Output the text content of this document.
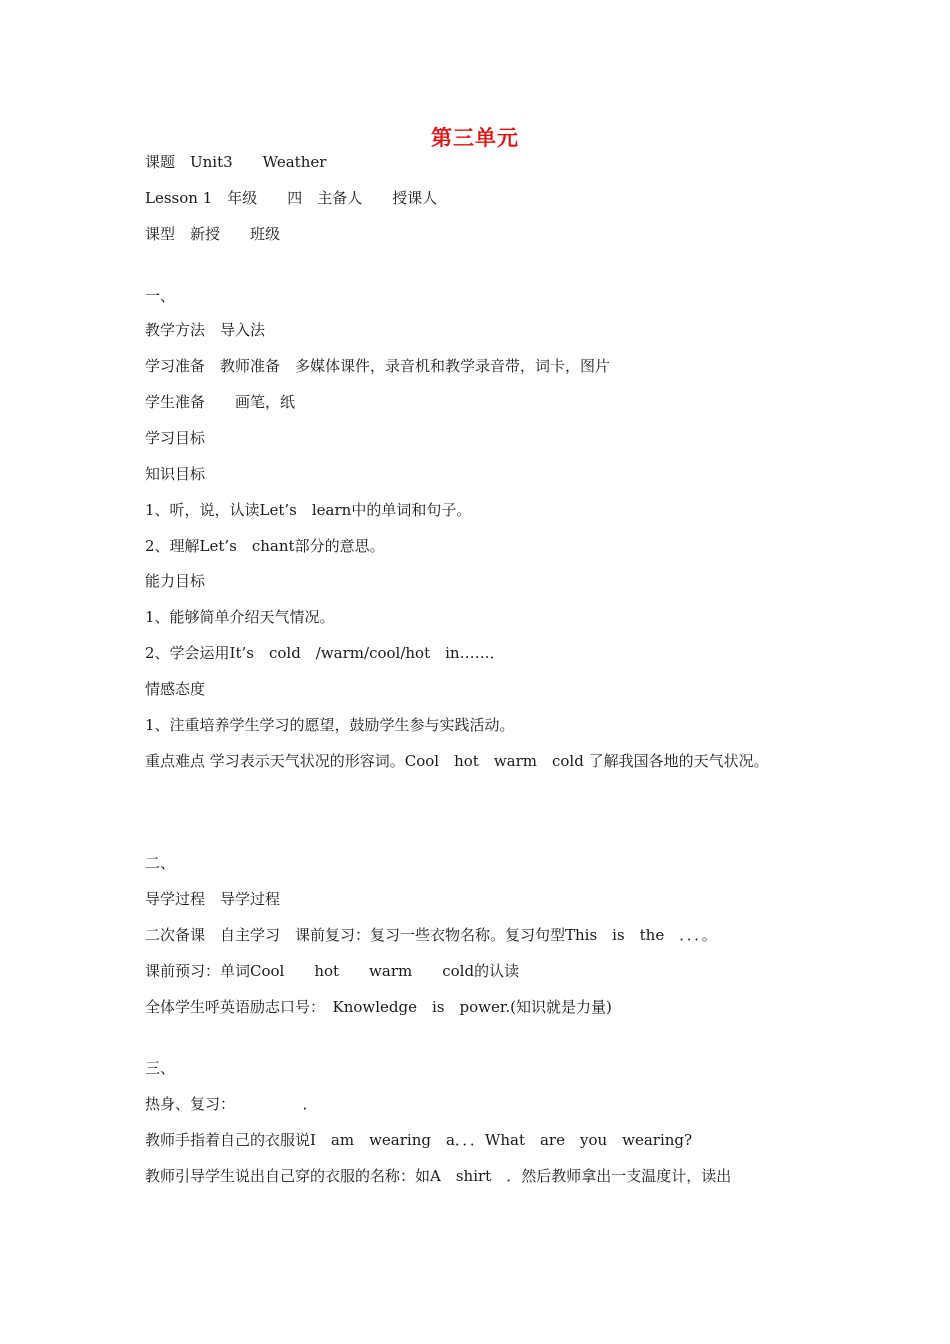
第三单元
课题　Unit3　　Weather
Lesson 1　年级　　四　主备人　　授课人
课型　新授　　班级
一、
教学方法　导入法
学习准备　教师准备　多媒体课件，录音机和教学录音带，词卡，图片
学生准备　　画笔，纸
学习目标
知识目标
1、听，说，认读Let’s　learn中的单词和句子。
2、理解Let’s　chant部分的意思。
能力目标
1、能够简单介绍天气情况。
2、学会运用It’s　cold　/warm/cool/hot　in……．
情感态度
1、注重培养学生学习的愿望，鼓励学生参与实践活动。
重点难点 学习表示天气状况的形容词。Cool　hot　warm　cold 了解我国各地的天气状况。
二、
导学过程　导学过程
二次备课　自主学习　课前复习：复习一些衣物名称。复习句型This　is　the　．．．。
课前预习：单词Cool　　hot　　warm　　cold的认读
全体学生呼英语励志口号：　Knowledge　is　power.(知识就是力量)
三、
热身、复习：　　　　　．
教师手指着自己的衣服说I　am　wearing　a．．．What　are　you　wearing?
教师引导学生说出自己穿的衣服的名称：如A　shirt　．然后教师拿出一支温度计，读出
